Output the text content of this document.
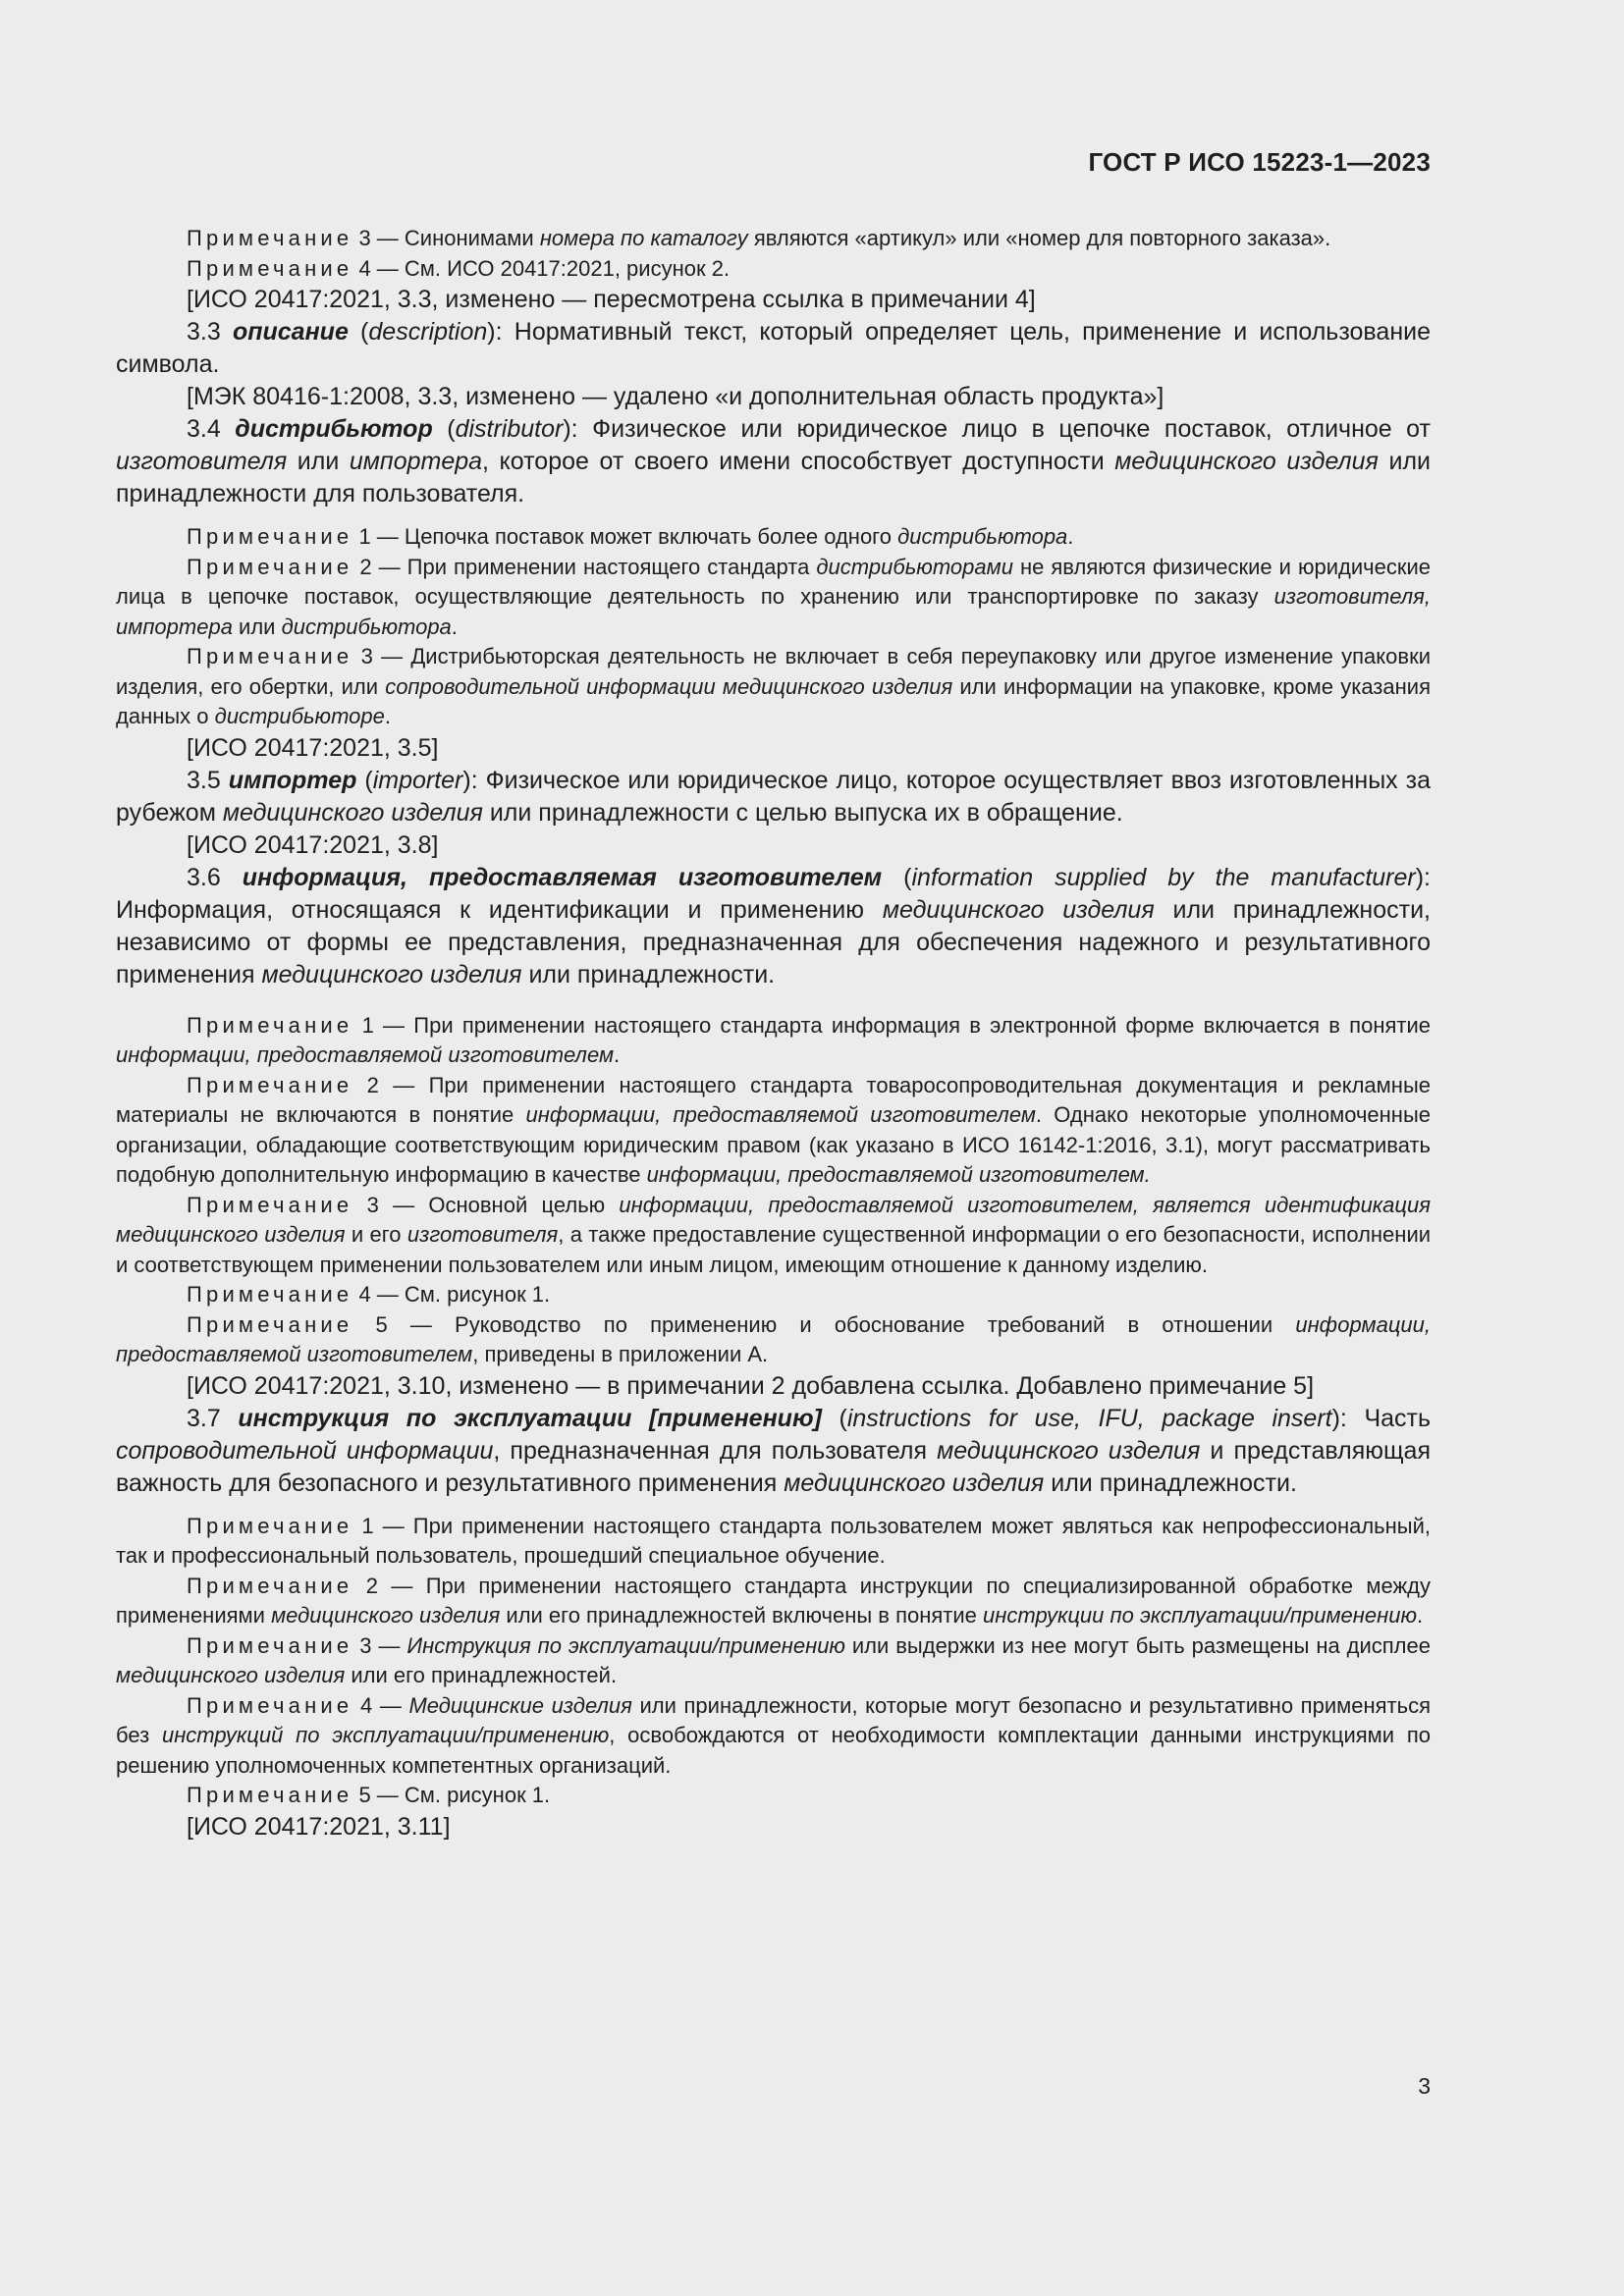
ГОСТ Р ИСО 15223-1—2023

Примечание 3 — Синонимами номера по каталогу являются «артикул» или «номер для повторного заказа».

Примечание 4 — См. ИСО 20417:2021, рисунок 2.

[ИСО 20417:2021, 3.3, изменено — пересмотрена ссылка в примечании 4]

3.3 описание (description): Нормативный текст, который определяет цель, применение и использование символа.

[МЭК 80416-1:2008, 3.3, изменено — удалено «и дополнительная область продукта»]

3.4 дистрибьютор (distributor): Физическое или юридическое лицо в цепочке поставок, отличное от изготовителя или импортера, которое от своего имени способствует доступности медицинского изделия или принадлежности для пользователя.

Примечание 1 — Цепочка поставок может включать более одного дистрибьютора.

Примечание 2 — При применении настоящего стандарта дистрибьюторами не являются физические и юридические лица в цепочке поставок, осуществляющие деятельность по хранению или транспортировке по заказу изготовителя, импортера или дистрибьютора.

Примечание 3 — Дистрибьюторская деятельность не включает в себя переупаковку или другое изменение упаковки изделия, его обертки, или сопроводительной информации медицинского изделия или информации на упаковке, кроме указания данных о дистрибьюторе.

[ИСО 20417:2021, 3.5]

3.5 импортер (importer): Физическое или юридическое лицо, которое осуществляет ввоз изготовленных за рубежом медицинского изделия или принадлежности с целью выпуска их в обращение.

[ИСО 20417:2021, 3.8]

3.6 информация, предоставляемая изготовителем (information supplied by the manufacturer): Информация, относящаяся к идентификации и применению медицинского изделия или принадлежности, независимо от формы ее представления, предназначенная для обеспечения надежного и результативного применения медицинского изделия или принадлежности.

Примечание 1 — При применении настоящего стандарта информация в электронной форме включается в понятие информации, предоставляемой изготовителем.

Примечание 2 — При применении настоящего стандарта товаросопроводительная документация и рекламные материалы не включаются в понятие информации, предоставляемой изготовителем. Однако некоторые уполномоченные организации, обладающие соответствующим юридическим правом (как указано в ИСО 16142-1:2016, 3.1), могут рассматривать подобную дополнительную информацию в качестве информации, предоставляемой изготовителем.

Примечание 3 — Основной целью информации, предоставляемой изготовителем, является идентификация медицинского изделия и его изготовителя, а также предоставление существенной информации о его безопасности, исполнении и соответствующем применении пользователем или иным лицом, имеющим отношение к данному изделию.

Примечание 4 — См. рисунок 1.

Примечание 5 — Руководство по применению и обоснование требований в отношении информации, предоставляемой изготовителем, приведены в приложении А.

[ИСО 20417:2021, 3.10, изменено — в примечании 2 добавлена ссылка. Добавлено примечание 5]

3.7 инструкция по эксплуатации [применению] (instructions for use, IFU, package insert): Часть сопроводительной информации, предназначенная для пользователя медицинского изделия и представляющая важность для безопасного и результативного применения медицинского изделия или принадлежности.

Примечание 1 — При применении настоящего стандарта пользователем может являться как непрофессиональный, так и профессиональный пользователь, прошедший специальное обучение.

Примечание 2 — При применении настоящего стандарта инструкции по специализированной обработке между применениями медицинского изделия или его принадлежностей включены в понятие инструкции по эксплуатации/применению.

Примечание 3 — Инструкция по эксплуатации/применению или выдержки из нее могут быть размещены на дисплее медицинского изделия или его принадлежностей.

Примечание 4 — Медицинские изделия или принадлежности, которые могут безопасно и результативно применяться без инструкций по эксплуатации/применению, освобождаются от необходимости комплектации данными инструкциями по решению уполномоченных компетентных организаций.

Примечание 5 — См. рисунок 1.

[ИСО 20417:2021, 3.11]

3
